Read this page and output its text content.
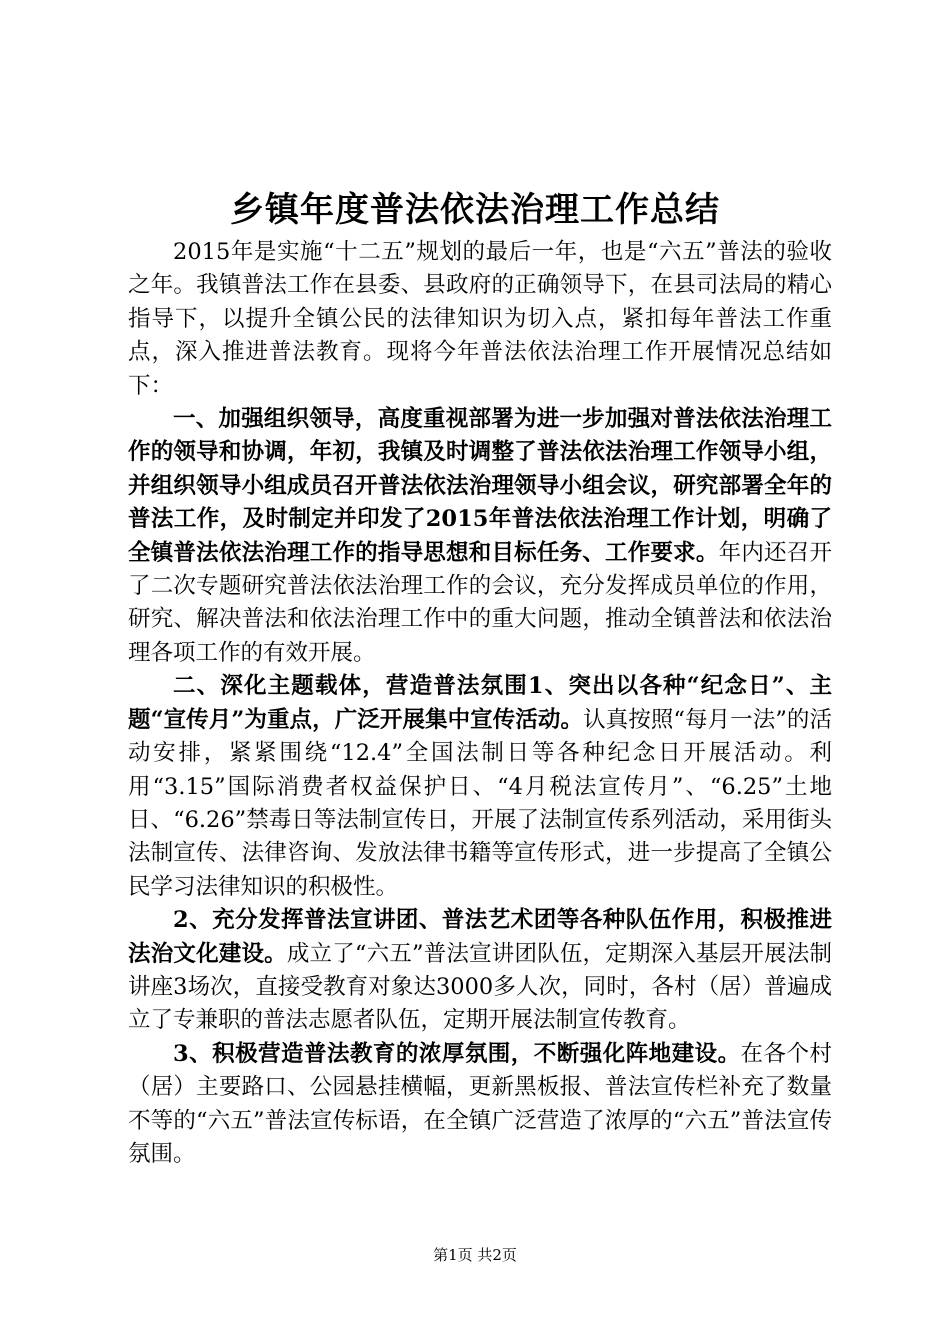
乡镇年度普法依法治理工作总结

2015年是实施“十二五”规划的最后一年，也是“六五”普法的验收之年。我镇普法工作在县委、县政府的正确领导下，在县司法局的精心指导下，以提升全镇公民的法律知识为切入点，紧扣每年普法工作重点，深入推进普法教育。现将今年普法依法治理工作开展情况总结如下：

一、加强组织领导，高度重视部署为进一步加强对普法依法治理工作的领导和协调，年初，我镇及时调整了普法依法治理工作领导小组，并组织领导小组成员召开普法依法治理领导小组会议，研究部署全年的普法工作，及时制定并印发了2015年普法依法治理工作计划，明确了全镇普法依法治理工作的指导思想和目标任务、工作要求。年内还召开了二次专题研究普法依法治理工作的会议，充分发挥成员单位的作用，研究、解决普法和依法治理工作中的重大问题，推动全镇普法和依法治理各项工作的有效开展。

二、深化主题载体，营造普法氛围1、突出以各种“纪念日”、主题“宣传月”为重点，广泛开展集中宣传活动。认真按照“每月一法”的活动安排，紧紧围绕“12.4”全国法制日等各种纪念日开展活动。利用“3.15”国际消费者权益保护日、“4月税法宣传月”、“6.25”土地日、“6.26”禁毒日等法制宣传日，开展了法制宣传系列活动，采用街头法制宣传、法律咨询、发放法律书籍等宣传形式，进一步提高了全镇公民学习法律知识的积极性。

2、充分发挥普法宣讲团、普法艺术团等各种队伍作用，积极推进法治文化建设。成立了“六五”普法宣讲团队伍，定期深入基层开展法制讲座3场次，直接受教育对象达3000多人次，同时，各村（居）普遍成立了专兼职的普法志愿者队伍，定期开展法制宣传教育。

3、积极营造普法教育的浓厚氛围，不断强化阵地建设。在各个村（居）主要路口、公园悬挂横幅，更新黑板报、普法宣传栏补充了数量不等的“六五”普法宣传标语，在全镇广泛营造了浓厚的“六五”普法宣传氛围。

第1页 共2页
